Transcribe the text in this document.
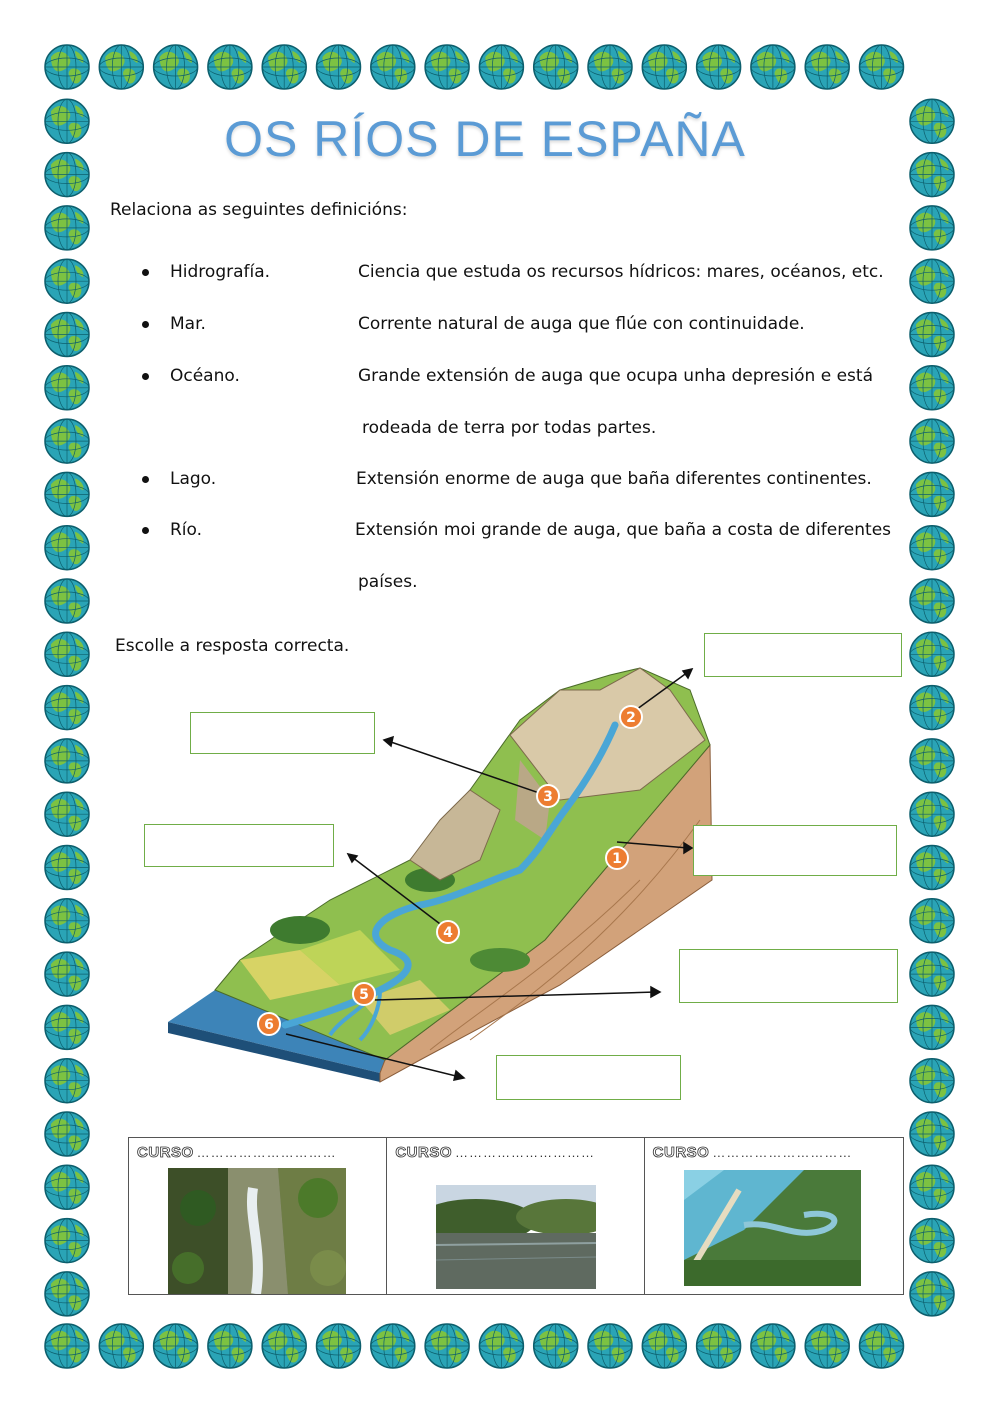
OS RÍOS DE ESPAÑA
Relaciona as seguintes definicións:
Hidrografía.	Ciencia que estuda os recursos hídricos: mares, océanos, etc.
Mar.	Corrente natural de auga que flúe con continuidade.
Océano.	Grande extensión de auga que ocupa unha depresión e está
rodeada de terra por todas partes.
Lago.	Extensión enorme de auga que baña diferentes continentes.
Río.	Extensión moi grande de auga, que baña a costa de diferentes
países.
Escolle a resposta correcta.
1
2
3
4
5
6
CURSO …………………………	CURSO …………………………	CURSO …………………………
